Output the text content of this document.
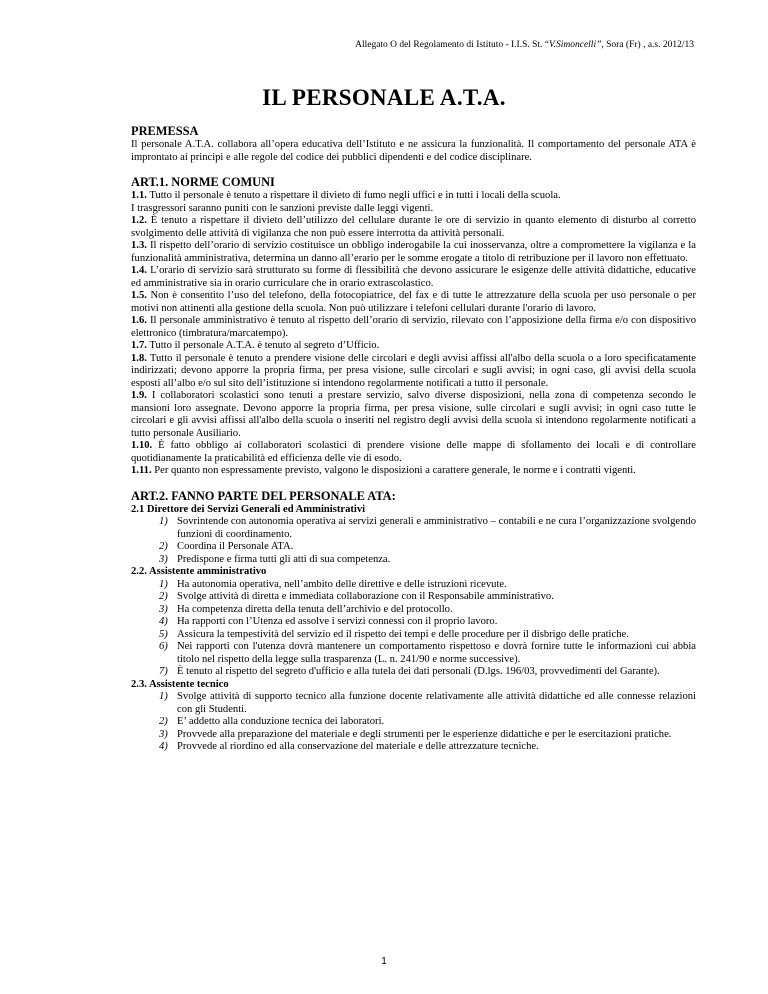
Allegato O del Regolamento di Istituto - I.I.S. St. “V.Simoncelli”, Sora (Fr) , a.s. 2012/13
IL PERSONALE A.T.A.

PREMESSA

Il personale A.T.A. collabora all’opera educativa dell’Istituto e ne assicura la funzionalità. Il comportamento del personale ATA è improntato ai principi e alle regole del codice dei pubblici dipendenti e del codice disciplinare.

ART.1. NORME COMUNI

1.1. Tutto il personale è tenuto a rispettare il divieto di fumo negli uffici e in tutti i locali della scuola.

I trasgressori saranno puniti con le sanzioni previste dalle leggi vigenti.

1.2. È tenuto a rispettare il divieto dell’utilizzo del cellulare durante le ore di servizio in quanto elemento di disturbo al corretto svolgimento delle attività di vigilanza che non può essere interrotta da attività personali.

1.3. Il rispetto dell’orario di servizio costituisce un obbligo inderogabile la cui inosservanza, oltre a compromettere la vigilanza e la funzionalità amministrativa, determina un danno all’erario per le somme erogate a titolo di retribuzione per il lavoro non effettuato.

1.4. L’orario di servizio sarà strutturato su forme di flessibilità che devono assicurare le esigenze delle attività didattiche, educative ed amministrative sia in orario curriculare che in orario extrascolastico.

1.5. Non è consentito l’uso del telefono, della fotocopiatrice, del fax e di tutte le attrezzature della scuola per uso personale o per motivi non attinenti alla gestione della scuola. Non può utilizzare i telefoni cellulari durante l'orario di lavoro.

1.6. Il personale amministrativo è tenuto al rispetto dell’orario di servizio, rilevato con l’apposizione della firma e/o con dispositivo elettronico (timbratura/marcatempo).

1.7. Tutto il personale A.T.A. è tenuto al segreto d’Ufficio.

1.8. Tutto il personale è tenuto a prendere visione delle circolari e degli avvisi affissi all'albo della scuola o a loro specificatamente indirizzati; devono apporre la propria firma, per presa visione, sulle circolari e sugli avvisi; in ogni caso, gli avvisi della scuola esposti all’albo e/o sul sito dell’istituzione si intendono regolarmente notificati a tutto il personale.

1.9. I collaboratori scolastici sono tenuti a prestare servizio, salvo diverse disposizioni, nella zona di competenza secondo le mansioni loro assegnate. Devono apporre la propria firma, per presa visione, sulle circolari e sugli avvisi; in ogni caso tutte le circolari e gli avvisi affissi all'albo della scuola o inseriti nel registro degli avvisi della scuola si intendono regolarmente notificati a tutto personale Ausiliario.

1.10. È fatto obbligo ai collaboratori scolastici di prendere visione delle mappe di sfollamento dei locali e di controllare quotidianamente la praticabilità ed efficienza delle vie di esodo.

1.11. Per quanto non espressamente previsto, valgono le disposizioni a carattere generale, le norme e i contratti vigenti.

ART.2. FANNO PARTE DEL PERSONALE ATA:

2.1 Direttore dei Servizi Generali ed Amministrativi

1) Sovrintende con autonomia operativa ai servizi generali e amministrativo – contabili e ne cura l’organizzazione svolgendo funzioni di coordinamento.
2) Coordina il Personale ATA.
3) Predispone e firma tutti gli atti di sua competenza.

2.2. Assistente amministrativo

1) Ha autonomia operativa, nell’ambito delle direttive e delle istruzioni ricevute.
2) Svolge attività di diretta e immediata collaborazione con il Responsabile amministrativo.
3) Ha competenza diretta della tenuta dell’archivio e del protocollo.
4) Ha rapporti con l’Utenza ed assolve i servizi connessi con il proprio lavoro.
5) Assicura la tempestività del servizio ed il rispetto dei tempi e delle procedure per il disbrigo delle pratiche.
6) Nei rapporti con l'utenza dovrà mantenere un comportamento rispettoso e dovrà fornire tutte le informazioni cui abbia titolo nel rispetto della legge sulla trasparenza (L. n. 241/90 e norme successive).
7) È tenuto al rispetto del segreto d'ufficio e alla tutela dei dati personali (D.lgs. 196/03, provvedimenti del Garante).

2.3. Assistente tecnico

1) Svolge attività di supporto tecnico alla funzione docente relativamente alle attività didattiche ed alle connesse relazioni con gli Studenti.
2) E’ addetto alla conduzione tecnica dei laboratori.
3) Provvede alla preparazione del materiale e degli strumenti per le esperienze didattiche e per le esercitazioni pratiche.
4) Provvede al riordino ed alla conservazione del materiale e delle attrezzature tecniche.
1
